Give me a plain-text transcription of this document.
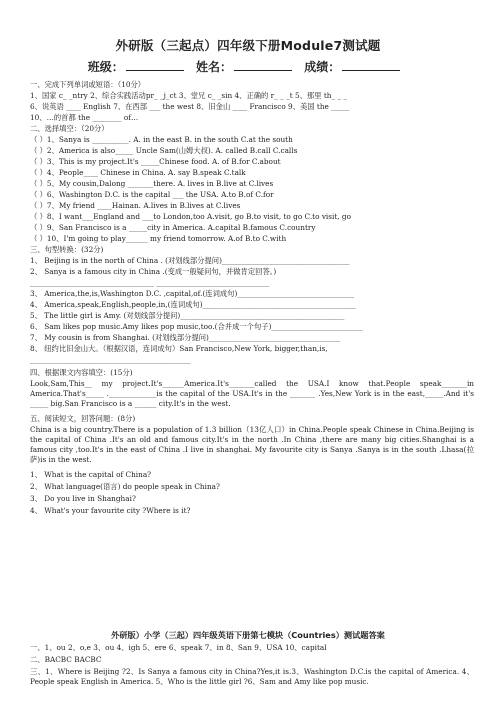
外研版（三起点）四年级下册Module7测试题
班级：	姓名：	成绩：
一、完成下列单词或短语：（10分）
1、国家 c_ _ntry 2、综合实践活动pr_ _j_ct 3、堂兄 c_ _sin 4、正确的 r_ _ _t 5、那里 th_ _ _
6、说英语 ____ English 7、在西部 ___ the west 8、旧金山 ____ Francisco 9、美国 the _____
10、…的首都 the ________ of…
二、选择填空：（20分）
（ ）1、Sanya is __________. A. in the east B. in the south C.at the south
（ ）2、America is also_____ Uncle Sam(山姆大叔). A. called B.call C.calls
（ ）3、This is my project.It's _____Chinese food. A. of B.for C.about
（ ）4、People____ Chinese in China. A. say B.speak C.talk
（ ）5、My cousin,Dalong _______there. A. lives in B.live at C.lives
（ ）6、Washington D.C. is the capital ___ the USA. A.to B.of C.for
（ ）7、My friend ____Hainan. A.lives in B.lives at C.lives
（ ）8、I want___England and ___to London,too A.visit, go B.to visit, to go C.to visit, go
（ ）9、San Francisco is a _____city in America. A.capital B.famous C.country
（ ）10、I'm going to play______ my friend tomorrow. A.of B.to C.with
三、句型转换：(32分)
1、 Beijing is in the north of China . (对划线部分提问)___________________________________
2、 Sanya is a famous city in China .(变成一般疑问句，并做肯定回答。)
__________________________________ _______________________________
3、 America,the,is,Washington D.C. ,capital,of.(连词成句)________________________________
4、 America,speak,English,people,in,(连词成句)__________________________________________
5、 The little girl is Amy. (对划线部分提问)_____________________________________________
6、 Sam likes pop music.Amy likes pop music,too.(合并成一个句子)_________________________
7、 My cousin is from Shanghai. (对划线部分提问)____________________________________
8、 纽约比旧金山大。（根据汉语，连词成句）San Francisco,New York, bigger,than,is,
____________________________________________
四、根据课文内容填空：(15分)
Look,Sam,This__ my project.It's______America.It's_______called the USA.I know that.People speak_______in America.That's_____ ._____________is the capital of the USA.It's in the _______ .Yes,New York is in the east,_____.And it's _____ big.San Francisco is a ______ city.It's in the west.
五、阅读短文，回答问题：(8分)
China is a big country.There is a population of 1.3 billion（13亿人口）in China.People speak Chinese in China.Beijing is the capital of China .It's an old and famous city.It's in the north .In China ,there are many big cities.Shanghai is a famous city ,too.It's in the east of China .I live in shanghai. My favourite city is Sanya .Sanya is in the south .Lhasa(拉萨)is in the west.
1、 What is the capital of China?
2、 What language(语言) do people speak in China?
3、 Do you live in Shanghai?
4、 What's your favourite city ?Where is it?
外研版）小学（三起）四年级英语下册第七模块（Countries）测试题答案
一、1、ou 2、o,e 3、ou 4、igh 5、ere 6、speak 7、in 8、San 9、USA 10、capital
二、BACBC BACBC
三、1、Where is Beijing ?2、Is Sanya a famous city in China?Yes,it is.3、Washington D.C.is the capital of America. 4、People speak English in America. 5、Who is the little girl ?6、Sam and Amy like pop music.
